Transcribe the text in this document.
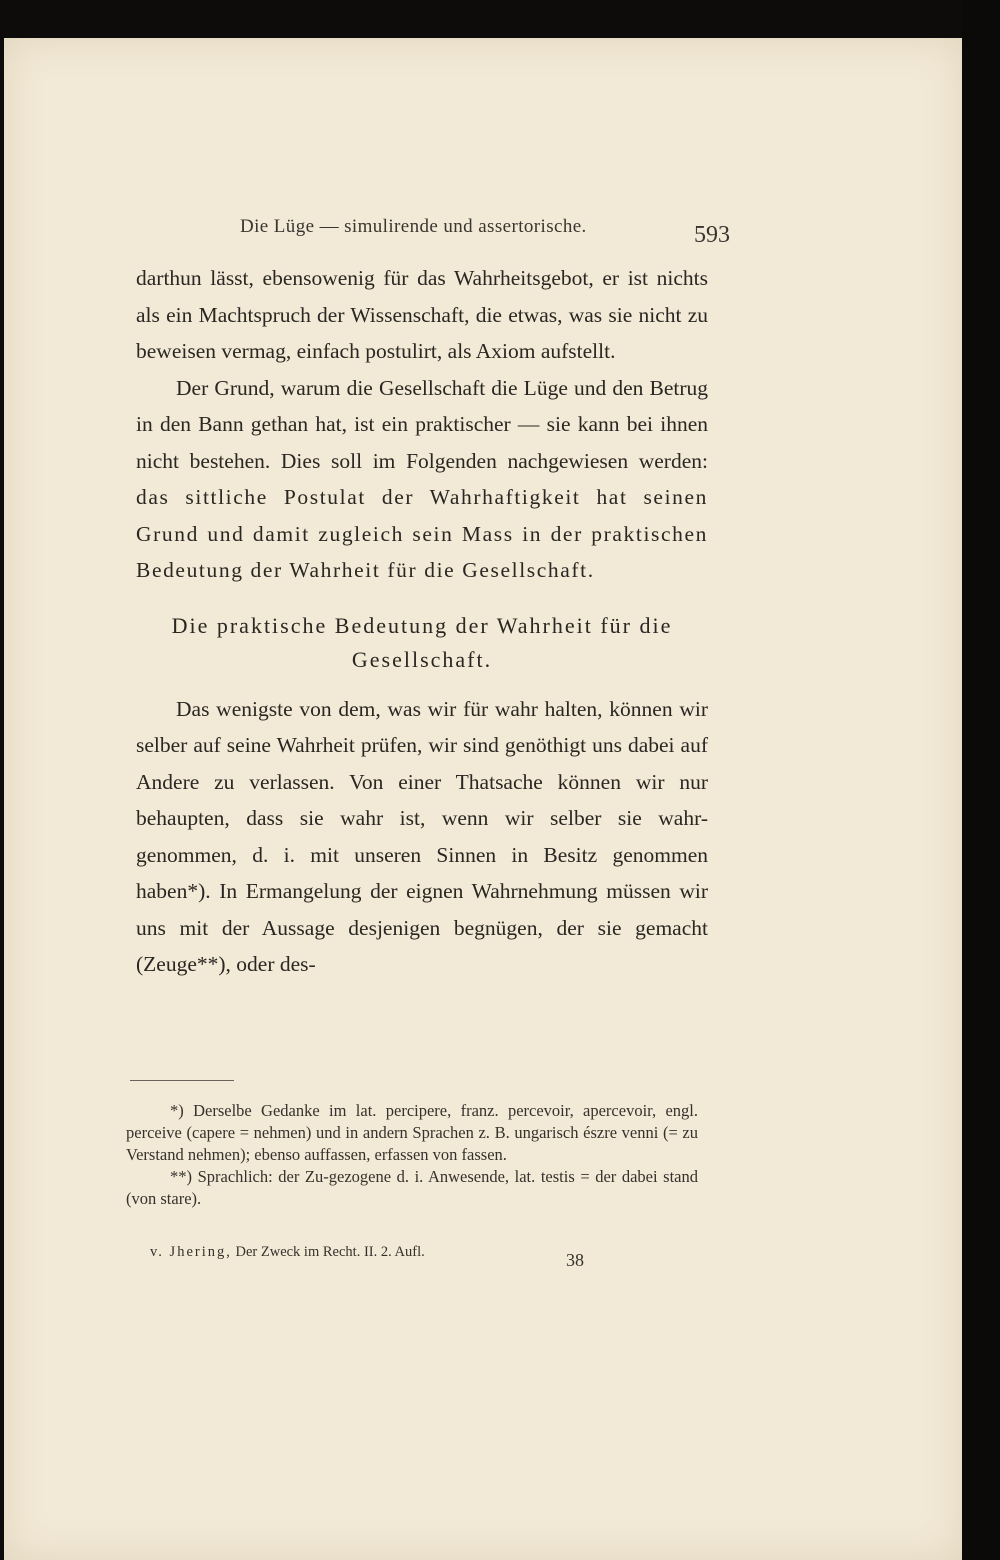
Die Lüge — simulirende und assertorische.	593

darthun lässt, ebensowenig für das Wahrheitsgebot, er ist nichts als ein Machtspruch der Wissenschaft, die etwas, was sie nicht zu beweisen vermag, einfach postulirt, als Axiom aufstellt.

Der Grund, warum die Gesellschaft die Lüge und den Betrug in den Bann gethan hat, ist ein praktischer — sie kann bei ihnen nicht bestehen. Dies soll im Folgenden nachgewiesen werden: das sittliche Postulat der Wahrhaftigkeit hat seinen Grund und damit zugleich sein Mass in der praktischen Bedeutung der Wahrheit für die Gesellschaft.

Die praktische Bedeutung der Wahrheit für die Gesellschaft.

Das wenigste von dem, was wir für wahr halten, können wir selber auf seine Wahrheit prüfen, wir sind genöthigt uns dabei auf Andere zu verlassen. Von einer Thatsache können wir nur behaupten, dass sie wahr ist, wenn wir selber sie wahr-genommen, d. i. mit unseren Sinnen in Besitz genommen haben*). In Ermangelung der eignen Wahrnehmung müssen wir uns mit der Aussage desjenigen begnügen, der sie gemacht (Zeuge**), oder des-

*) Derselbe Gedanke im lat. percipere, franz. percevoir, apercevoir, engl. perceive (capere = nehmen) und in andern Sprachen z. B. ungarisch észre venni (= zu Verstand nehmen); ebenso auffassen, erfassen von fassen.

**) Sprachlich: der Zu-gezogene d. i. Anwesende, lat. testis = der dabei stand (von stare).

v. Jhering, Der Zweck im Recht. II. 2. Aufl.	38
